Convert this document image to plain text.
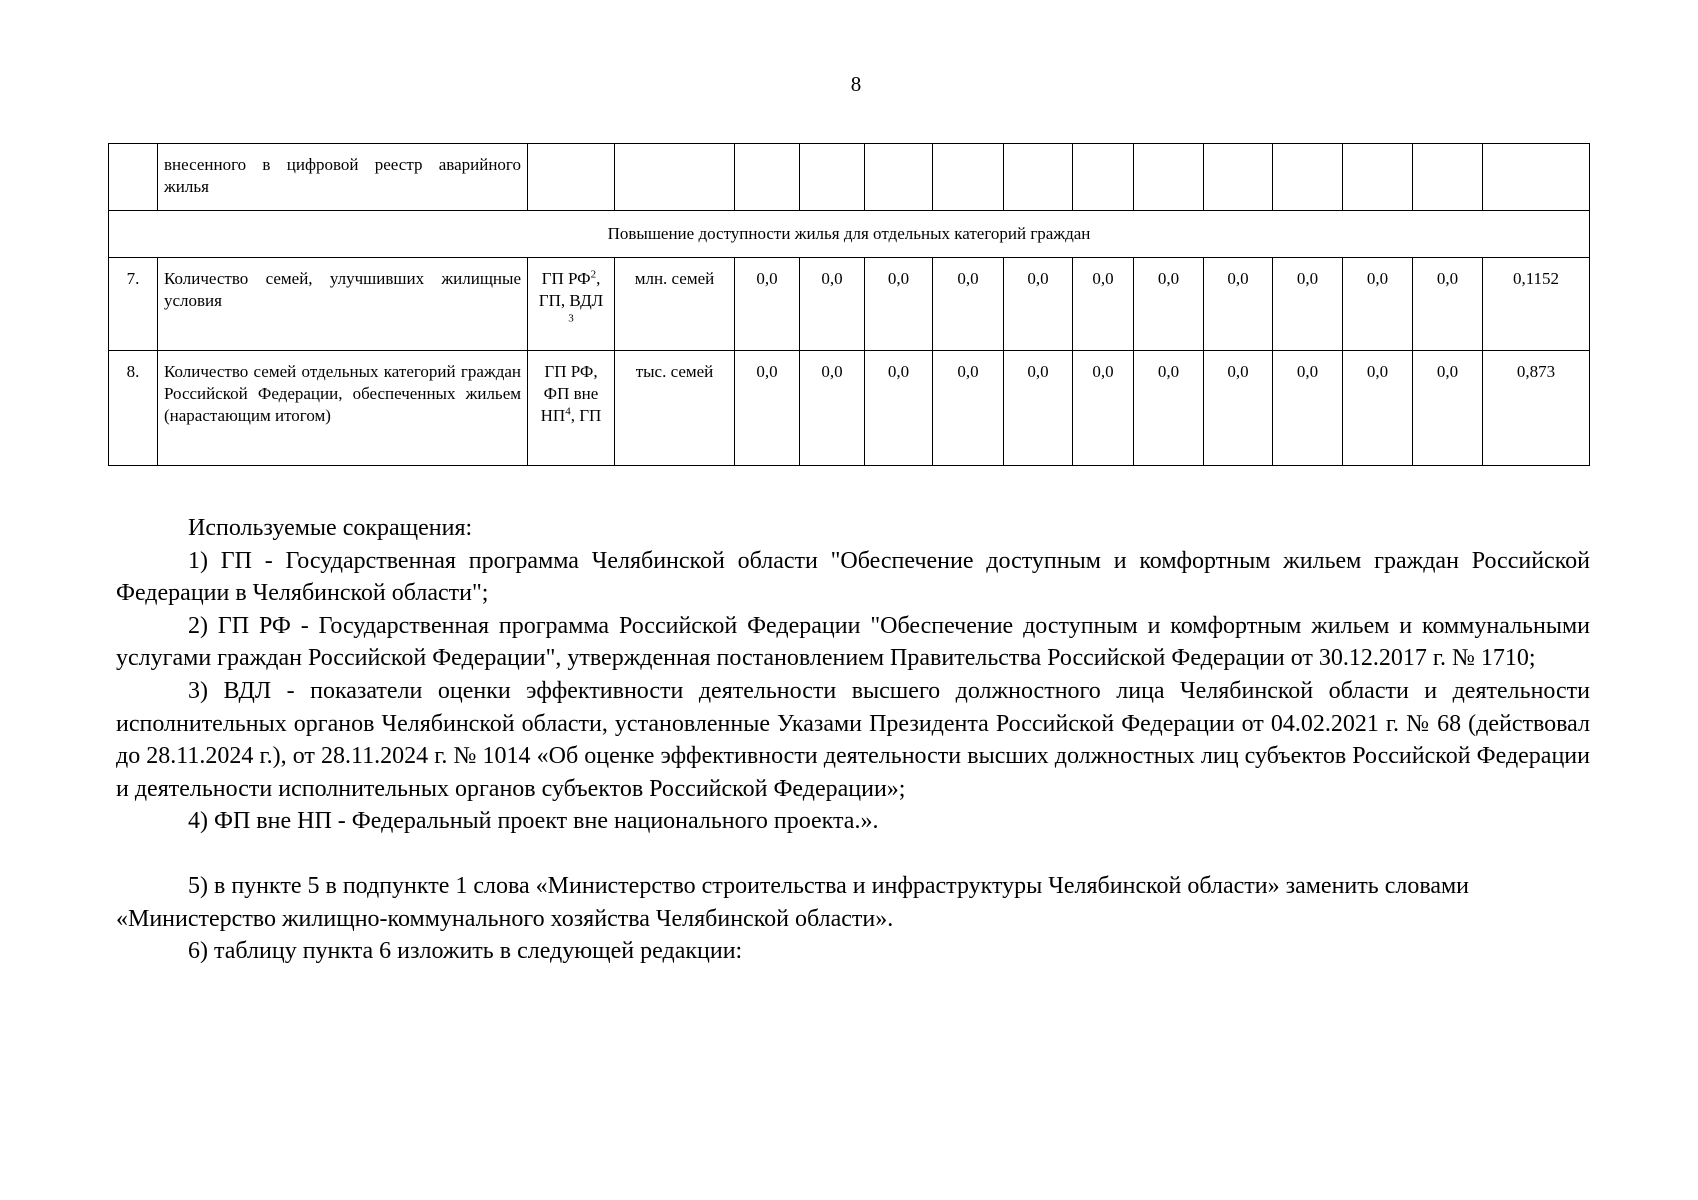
8
	внесенного в цифровой реестр аварийного жилья														
Повышение доступности жилья для отдельных категорий граждан															
7.	Количество семей, улучшивших жилищные условия	ГП $РФ^2$, ГП, ВДЛ $^3$	млн. семей	0,0	0,0	0,0	0,0	0,0	0,0	0,0	0,0	0,0	0,0	0,0	0,1152
8.	Количество семей отдельных категорий граждан Российской Федерации, обеспеченных жильем (нарастающим итогом)	ГП РФ, ФП вне $НП^4$, ГП	тыс. семей	0,0	0,0	0,0	0,0	0,0	0,0	0,0	0,0	0,0	0,0	0,0	0,873

Используемые сокращения:

1) ГП - Государственная программа Челябинской области "Обеспечение доступным и комфортным жильем граждан Российской Федерации в Челябинской области";

2) ГП РФ - Государственная программа Российской Федерации "Обеспечение доступным и комфортным жильем и коммунальными услугами граждан Российской Федерации", утвержденная постановлением Правительства Российской Федерации от 30.12.2017 г. № 1710;

3) ВДЛ - показатели оценки эффективности деятельности высшего должностного лица Челябинской области и деятельности исполнительных органов Челябинской области, установленные Указами Президента Российской Федерации от 04.02.2021 г. № 68 (действовал до 28.11.2024 г.), от 28.11.2024 г. № 1014 «Об оценке эффективности деятельности высших должностных лиц субъектов Российской Федерации и деятельности исполнительных органов субъектов Российской Федерации»;

4) ФП вне НП - Федеральный проект вне национального проекта.».

5) в пункте 5 в подпункте 1 слова «Министерство строительства и инфраструктуры Челябинской области» заменить словами «Министерство жилищно-коммунального хозяйства Челябинской области».

6) таблицу пункта 6 изложить в следующей редакции:
